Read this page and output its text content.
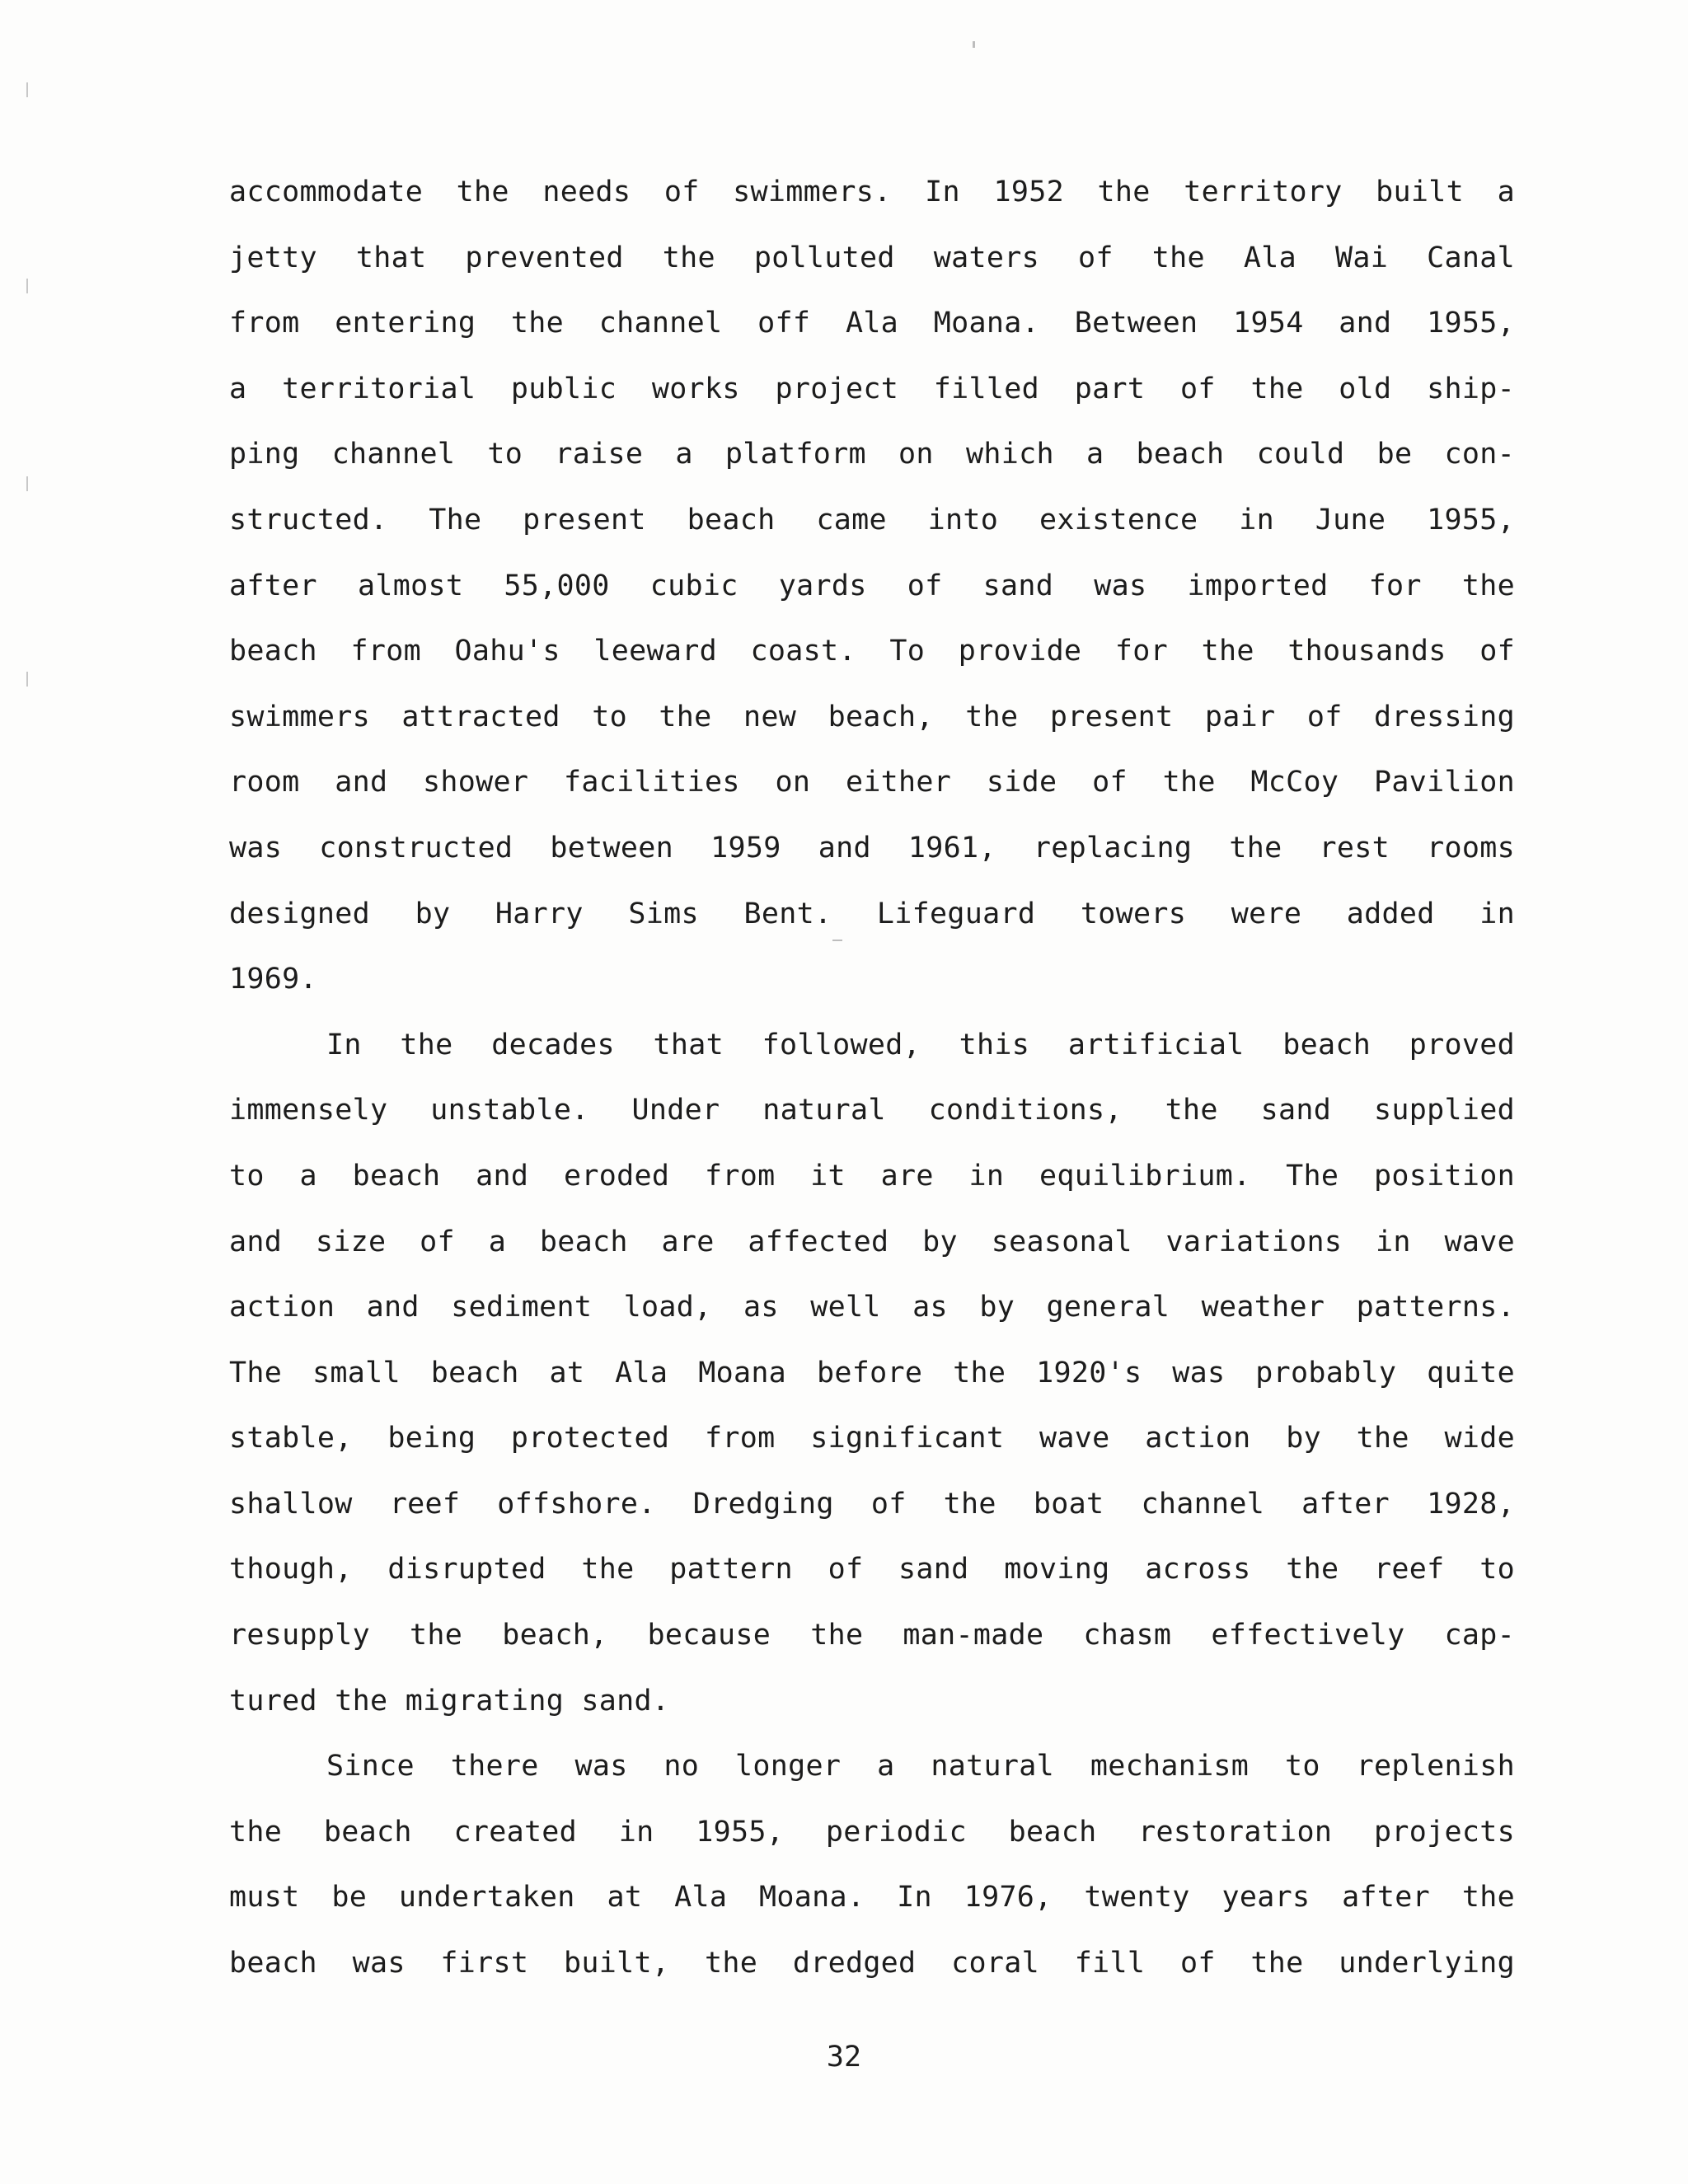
accommodate the needs of swimmers. In 1952 the territory built a
jetty that prevented the polluted waters of the Ala Wai Canal
from entering the channel off Ala Moana. Between 1954 and 1955,
a territorial public works project filled part of the old ship-
ping channel to raise a platform on which a beach could be con-
structed. The present beach came into existence in June 1955,
after almost 55,000 cubic yards of sand was imported for the
beach from Oahu's leeward coast. To provide for the thousands of
swimmers attracted to the new beach, the present pair of dressing
room and shower facilities on either side of the McCoy Pavilion
was constructed between 1959 and 1961, replacing the rest rooms
designed by Harry Sims Bent. Lifeguard towers were added in
1969.
In the decades that followed, this artificial beach proved
immensely unstable. Under natural conditions, the sand supplied
to a beach and eroded from it are in equilibrium. The position
and size of a beach are affected by seasonal variations in wave
action and sediment load, as well as by general weather patterns.
The small beach at Ala Moana before the 1920's was probably quite
stable, being protected from significant wave action by the wide
shallow reef offshore. Dredging of the boat channel after 1928,
though, disrupted the pattern of sand moving across the reef to
resupply the beach, because the man-made chasm effectively cap-
tured the migrating sand.
Since there was no longer a natural mechanism to replenish
the beach created in 1955, periodic beach restoration projects
must be undertaken at Ala Moana. In 1976, twenty years after the
beach was first built, the dredged coral fill of the underlying
32
